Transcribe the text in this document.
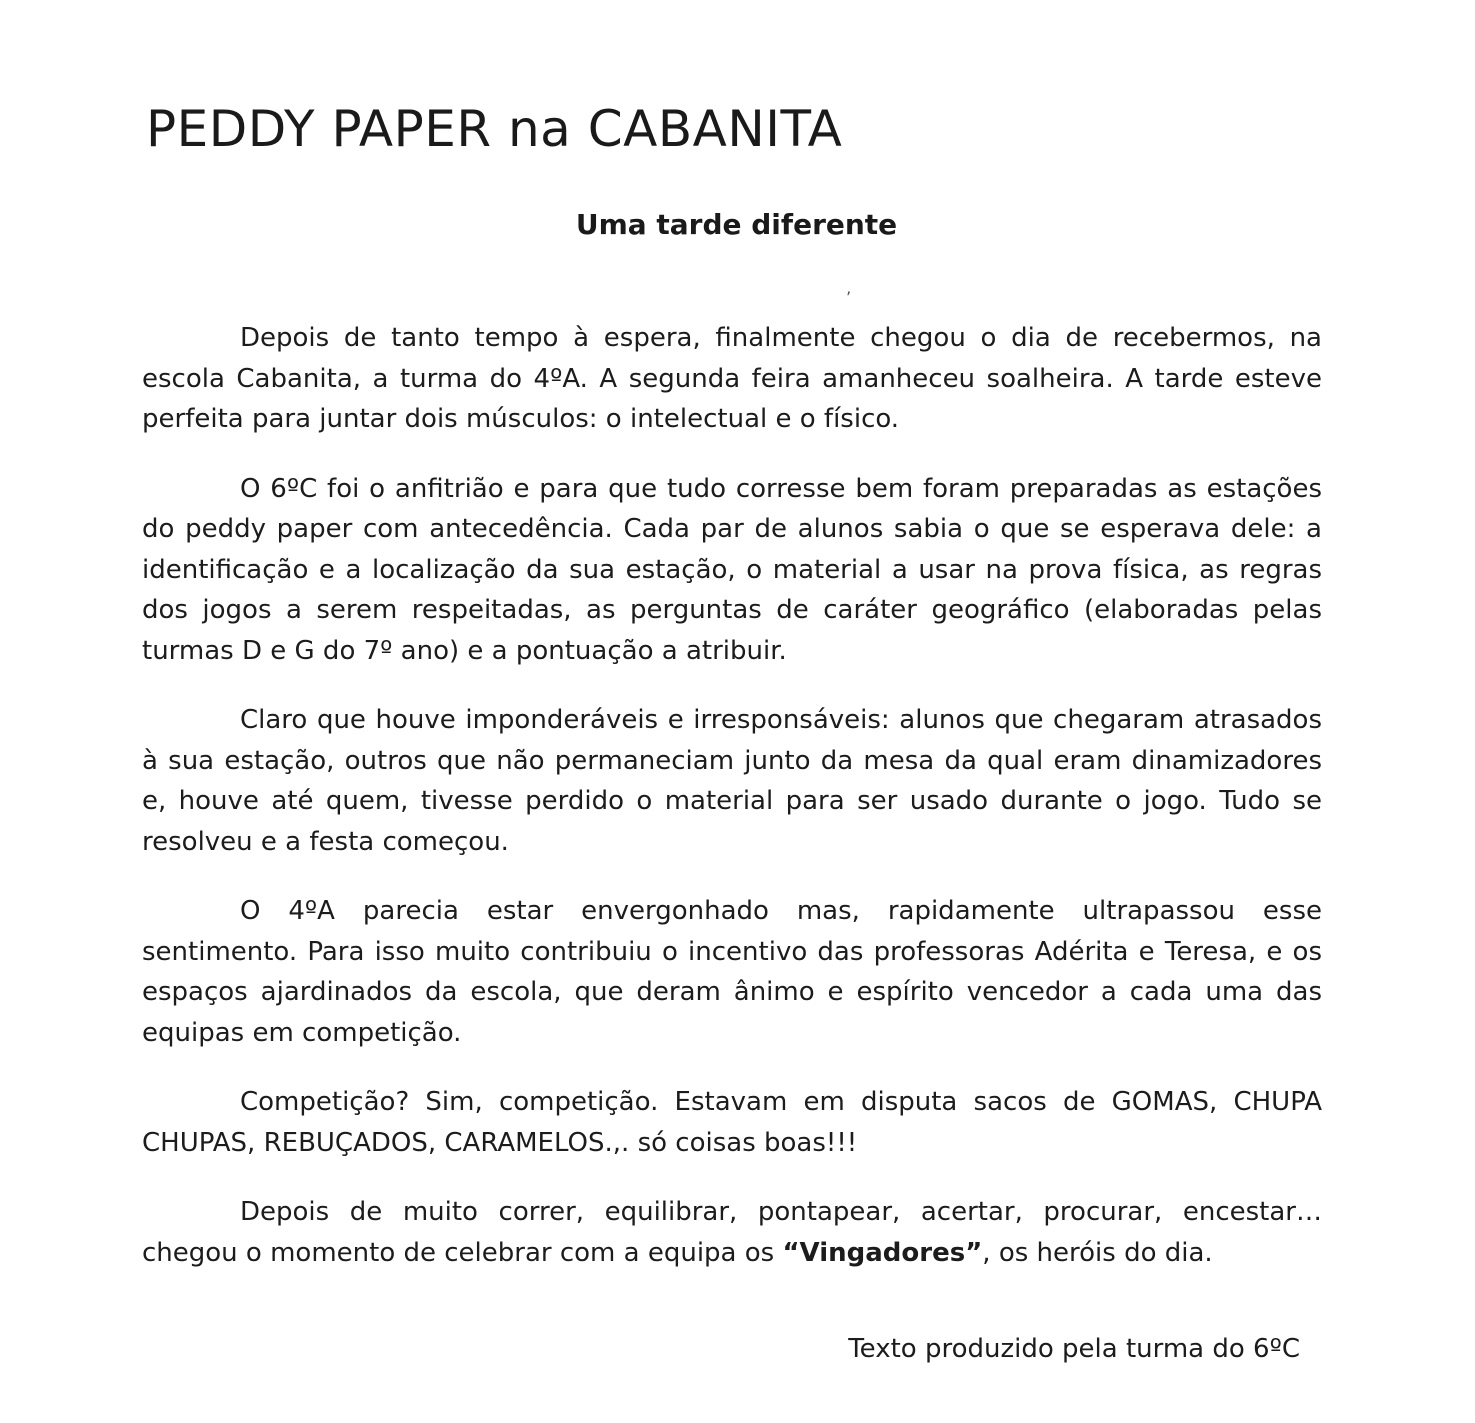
PEDDY PAPER na CABANITA
Uma tarde diferente
’

Depois de tanto tempo à espera, finalmente chegou o dia de recebermos, na escola Cabanita, a turma do 4ºA. A segunda feira amanheceu soalheira. A tarde esteve perfeita para juntar dois músculos: o intelectual e o físico.

O 6ºC foi o anfitrião e para que tudo corresse bem foram preparadas as estações do peddy paper com antecedência. Cada par de alunos sabia o que se esperava dele: a identificação e a localização da sua estação, o material a usar na prova física, as regras dos jogos a serem respeitadas, as perguntas de caráter geográfico (elaboradas pelas turmas D e G do 7º ano) e a pontuação a atribuir.

Claro que houve imponderáveis e irresponsáveis: alunos que chegaram atrasados à sua estação, outros que não permaneciam junto da mesa da qual eram dinamizadores e, houve até quem, tivesse perdido o material para ser usado durante o jogo. Tudo se resolveu e a festa começou.

O 4ºA parecia estar envergonhado mas, rapidamente ultrapassou esse sentimento. Para isso muito contribuiu o incentivo das professoras Adérita e Teresa, e os espaços ajardinados da escola, que deram ânimo e espírito vencedor a cada uma das equipas em competição.

Competição? Sim, competição. Estavam em disputa sacos de GOMAS, CHUPA CHUPAS, REBUÇADOS, CARAMELOS.,. só coisas boas!!!

Depois de muito correr, equilibrar, pontapear, acertar, procurar, encestar… chegou o momento de celebrar com a equipa os “Vingadores”, os heróis do dia.

Texto produzido pela turma do 6ºC
